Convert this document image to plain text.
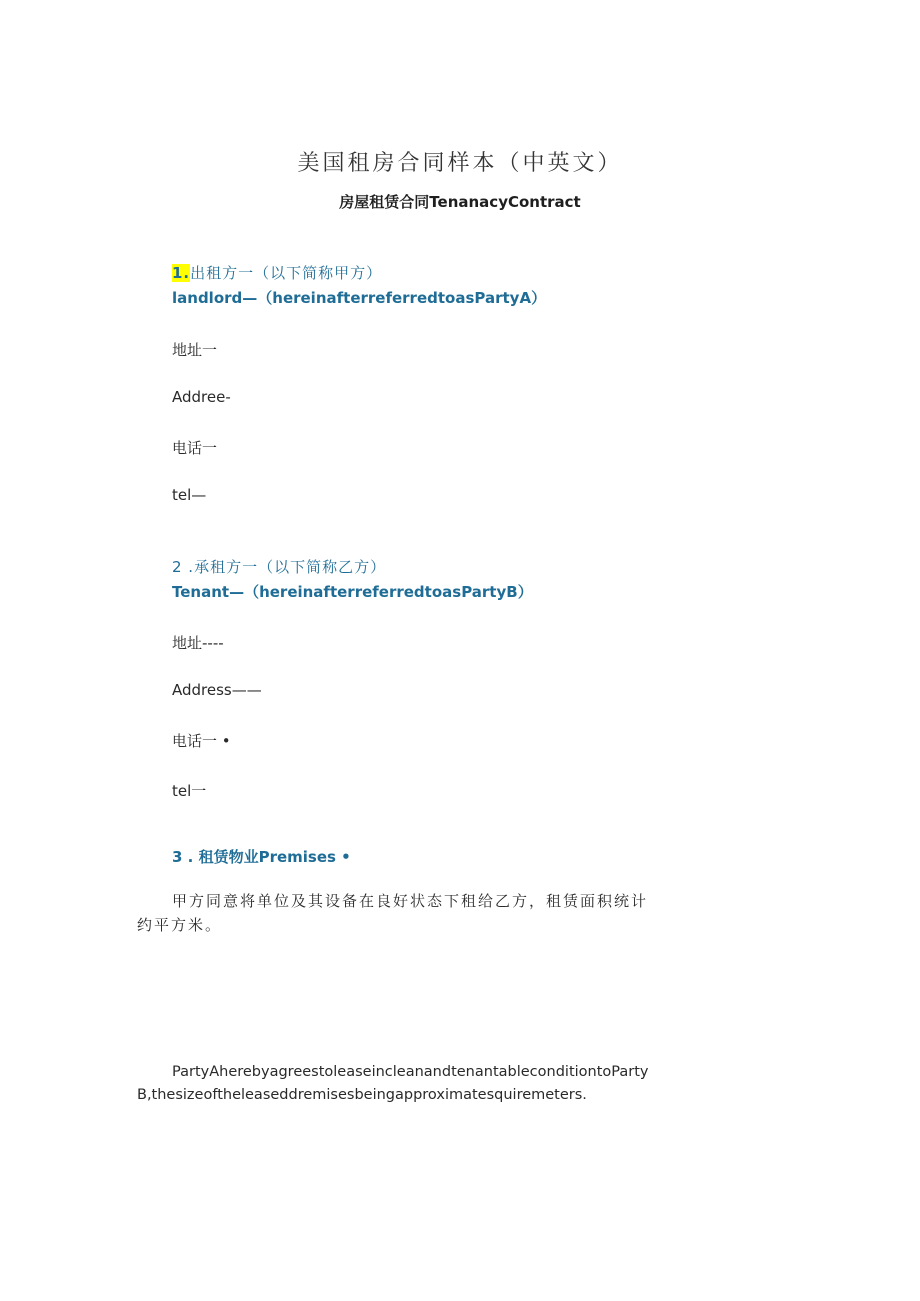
美国租房合同样本（中英文）
房屋租赁合同TenanacyContract
1.出租方一（以下简称甲方）
landlord—（hereinafterreferredtoasPartyA）
地址一
Addree-
电话一
tel—
2 .承租方一（以下简称乙方）
Tenant—（hereinafterreferredtoasPartyB）
地址----
Address——
电话一 •
tel一
3 . 租赁物业Premises •
甲方同意将单位及其设备在良好状态下租给乙方，租赁面积统计
约平方米。
PartyAherebyagreestoleaseincleanandtenantableconditiontoParty
B,thesizeoftheleaseddremisesbeingapproximatesquiremeters.
